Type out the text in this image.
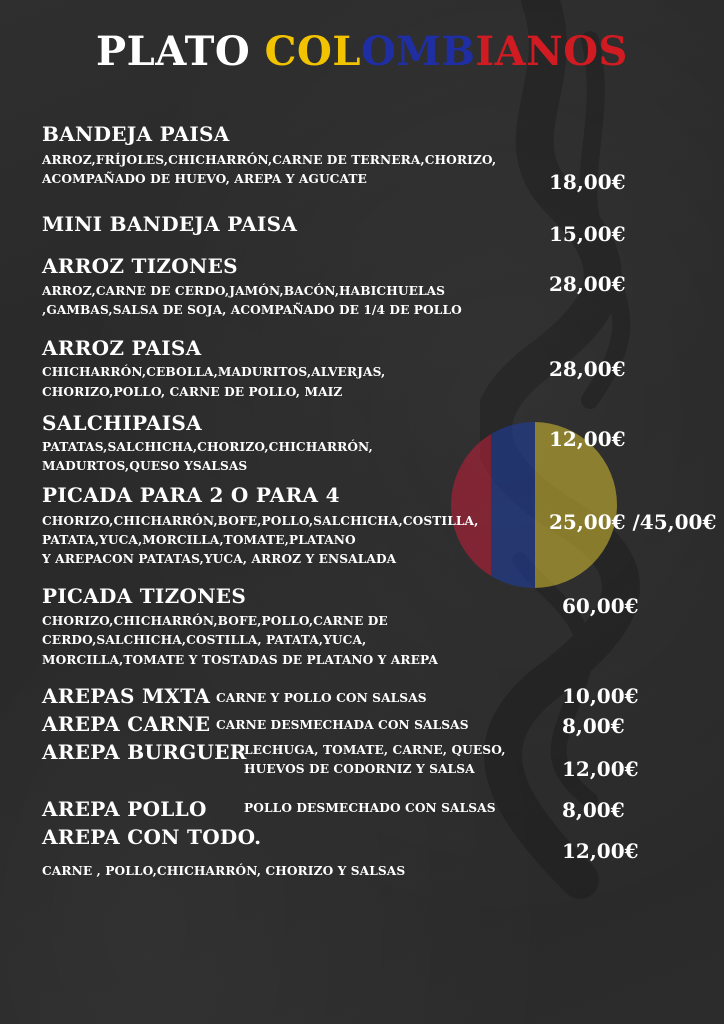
PLATO COLOMBIANOS
BANDEJA PAISA
ARROZ,FRÍJOLES,CHICHARRÓN,CARNE DE TERNERA,CHORIZO,
ACOMPAÑADO DE HUEVO, AREPA Y AGUCATE	18,00€
MINI BANDEJA PAISA	15,00€
ARROZ TIZONES
ARROZ,CARNE DE CERDO,JAMÓN,BACÓN,HABICHUELAS
,GAMBAS,SALSA DE SOJA, ACOMPAÑADO DE 1/4 DE POLLO
28,00€
ARROZ PAISA
CHICHARRÓN,CEBOLLA,MADURITOS,ALVERJAS,
CHORIZO,POLLO, CARNE DE POLLO, MAIZ
28,00€
SALCHIPAISA
PATATAS,SALCHICHA,CHORIZO,CHICHARRÓN,
MADURTOS,QUESO YSALSAS
12,00€
PICADA PARA 2 O PARA 4
CHORIZO,CHICHARRÓN,BOFE,POLLO,SALCHICHA,COSTILLA,
PATATA,YUCA,MORCILLA,TOMATE,PLATANO
Y AREPACON PATATAS,YUCA, ARROZ Y ENSALADA
25,00€ /45,00€
PICADA TIZONES
CHORIZO,CHICHARRÓN,BOFE,POLLO,CARNE DE
CERDO,SALCHICHA,COSTILLA, PATATA,YUCA,
MORCILLA,TOMATE Y TOSTADAS DE PLATANO Y AREPA
60,00€
AREPAS MXTA CARNE Y POLLO CON SALSAS	10,00€
AREPA CARNE CARNE DESMECHADA CON SALSAS	8,00€
AREPA BURGUER
LECHUGA, TOMATE, CARNE, QUESO,
HUEVOS DE CODORNIZ Y SALSA	12,00€
AREPA POLLO	POLLO DESMECHADO CON SALSAS	8,00€
AREPA CON TODO.
CARNE , POLLO,CHICHARRÓN, CHORIZO Y SALSAS
12,00€
